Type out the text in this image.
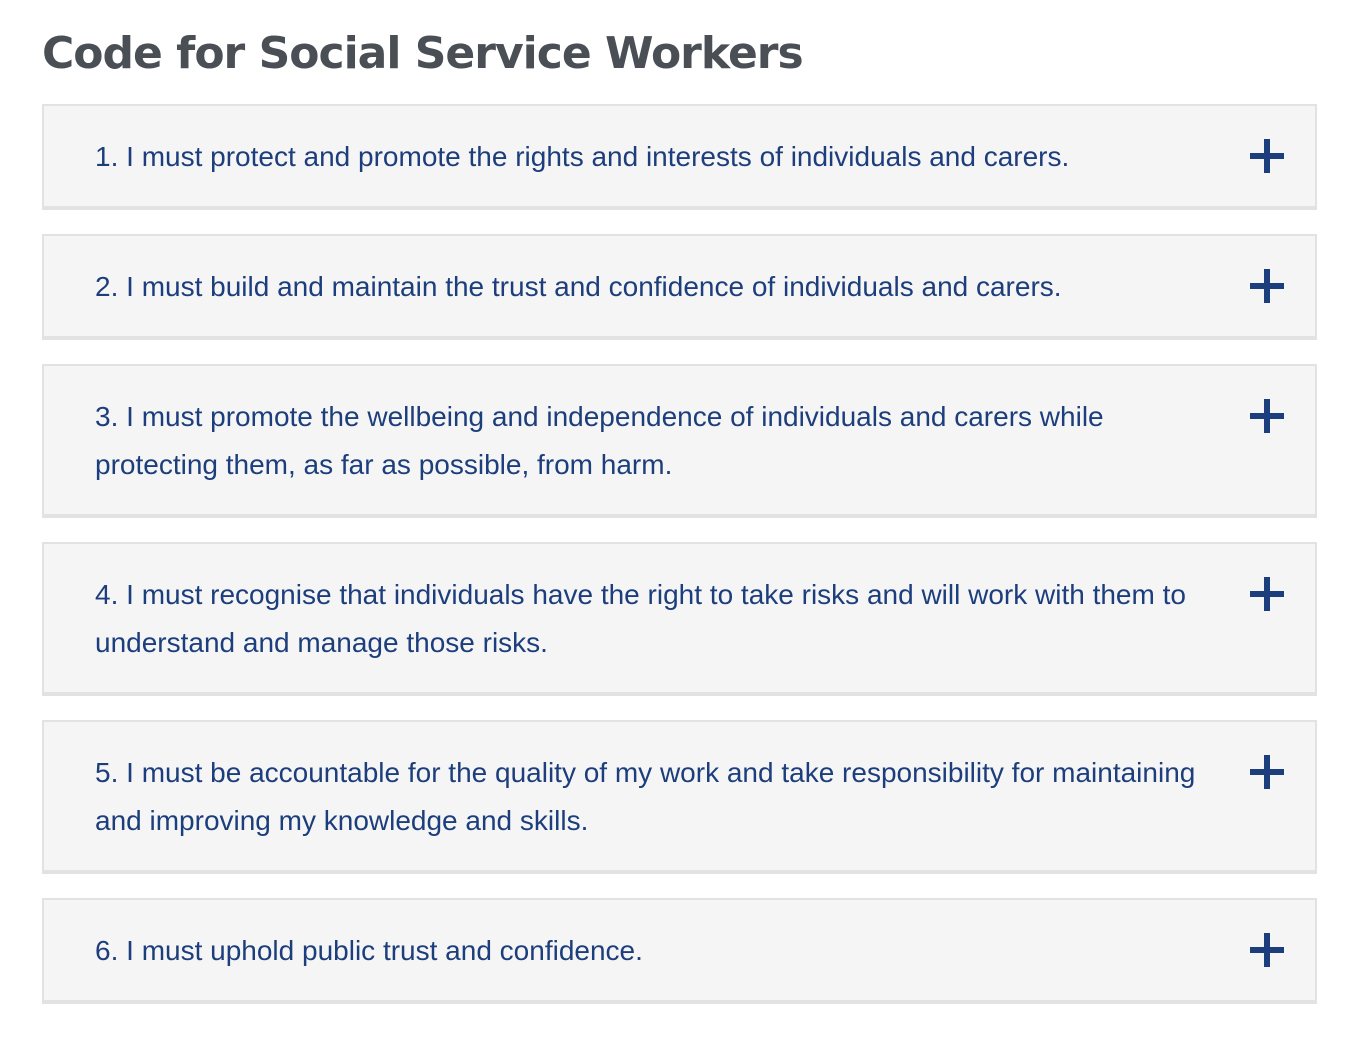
Code for Social Service Workers
1. I must protect and promote the rights and interests of individuals and carers.
2. I must build and maintain the trust and confidence of individuals and carers.
3. I must promote the wellbeing and independence of individuals and carers while protecting them, as far as possible, from harm.
4. I must recognise that individuals have the right to take risks and will work with them to understand and manage those risks.
5. I must be accountable for the quality of my work and take responsibility for maintaining and improving my knowledge and skills.
6. I must uphold public trust and confidence.
